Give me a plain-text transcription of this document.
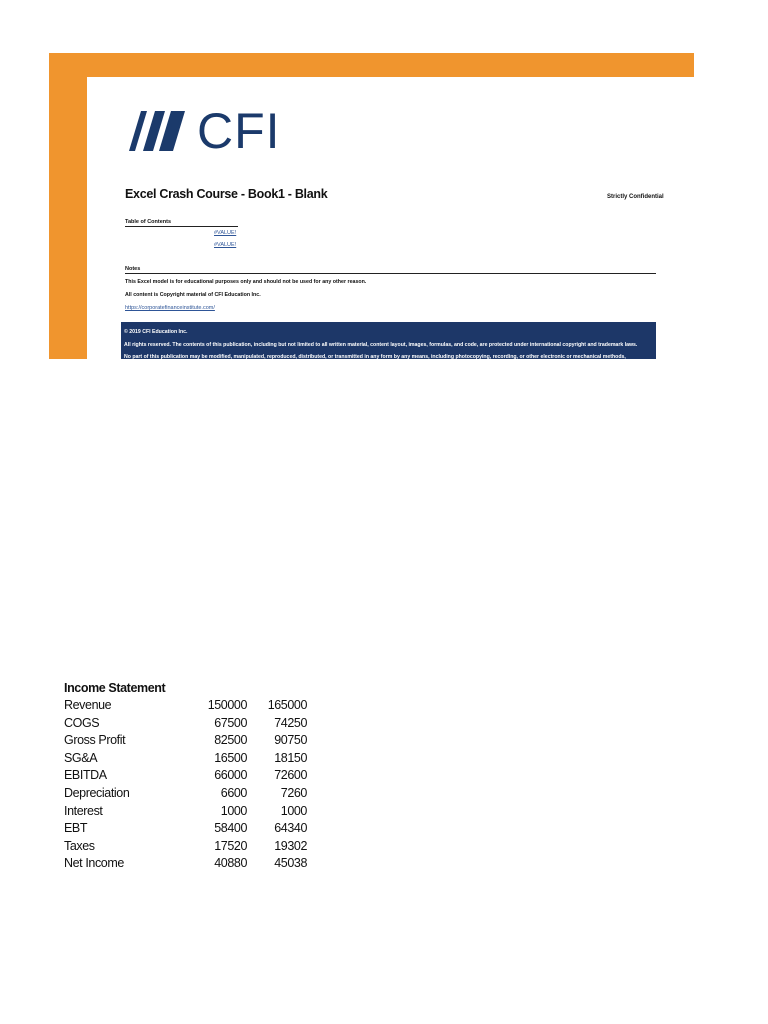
CFI
Excel Crash Course - Book1 - Blank	Strictly Confidential
Table of Contents
#VALUE!
#VALUE!
Notes
This Excel model is for educational purposes only and should not be used for any other reason.
All content is Copyright material of CFI Education Inc.
https://corporatefinanceinstitute.com/
© 2019 CFI Education Inc.
All rights reserved. The contents of this publication, including but not limited to all written material, content layout, images, formulas, and code, are protected under international copyright and trademark laws.
No part of this publication may be modified, manipulated, reproduced, distributed, or transmitted in any form by any means, including photocopying, recording, or other electronic or mechanical methods,
Income Statement
Revenue	150000	165000
COGS	67500	74250
Gross Profit	82500	90750
SG&A	16500	18150
EBITDA	66000	72600
Depreciation	6600	7260
Interest	1000	1000
EBT	58400	64340
Taxes	17520	19302
Net Income	40880	45038
